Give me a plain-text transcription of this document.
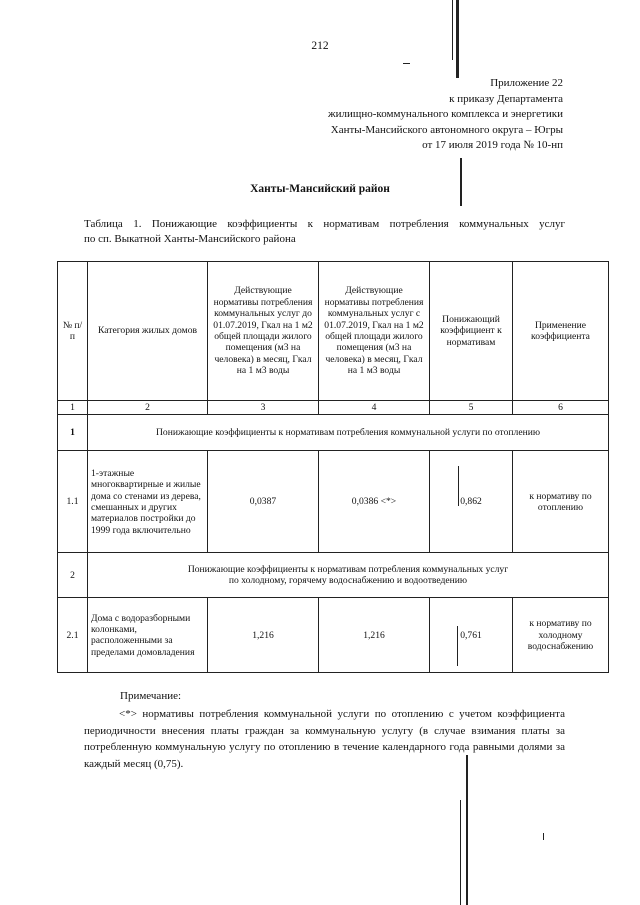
212
Приложение 22
к приказу Департамента
жилищно-коммунального комплекса и энергетики
Ханты-Мансийского автономного округа – Югры
от 17 июля 2019 года № 10-нп
Ханты-Мансийский район
Таблица 1. Понижающие коэффициенты к нормативам потребления коммунальных услуг
по сп. Выкатной Ханты-Мансийского района
№ п/п	Категория жилых домов	Действующие нормативы потребления коммунальных услуг до 01.07.2019, Гкал на 1 м2 общей площади жилого помещения (м3 на человека) в месяц, Гкал на 1 м3 воды	Действующие нормативы потребления коммунальных услуг с 01.07.2019, Гкал на 1 м2 общей площади жилого помещения (м3 на человека) в месяц, Гкал на 1 м3 воды	Понижающий коэффициент к нормативам	Применение коэффициента
1	2	3	4	5	6
1	Понижающие коэффициенты к нормативам потребления коммунальной услуги по отоплению				
1.1	1-этажные многоквартирные и жилые дома со стенами из дерева, смешанных и других материалов постройки до 1999 года включительно	0,0387	0,0386 <*>	0,862	к нормативу по отоплению
2	Понижающие коэффициенты к нормативам потребления коммунальных услуг
по холодному, горячему водоснабжению и водоотведению				

2.1	Дома с водоразборными колонками, расположенными за пределами домовладения	1,216	1,216	0,761	к нормативу по холодному водоснабжению
Примечание:
<*> нормативы потребления коммунальной услуги по отоплению с учетом коэффициента периодичности внесения платы граждан за коммунальную услугу (в случае взимания платы за потребленную коммунальную услугу по отоплению в течение календарного года равными долями за каждый месяц (0,75).
